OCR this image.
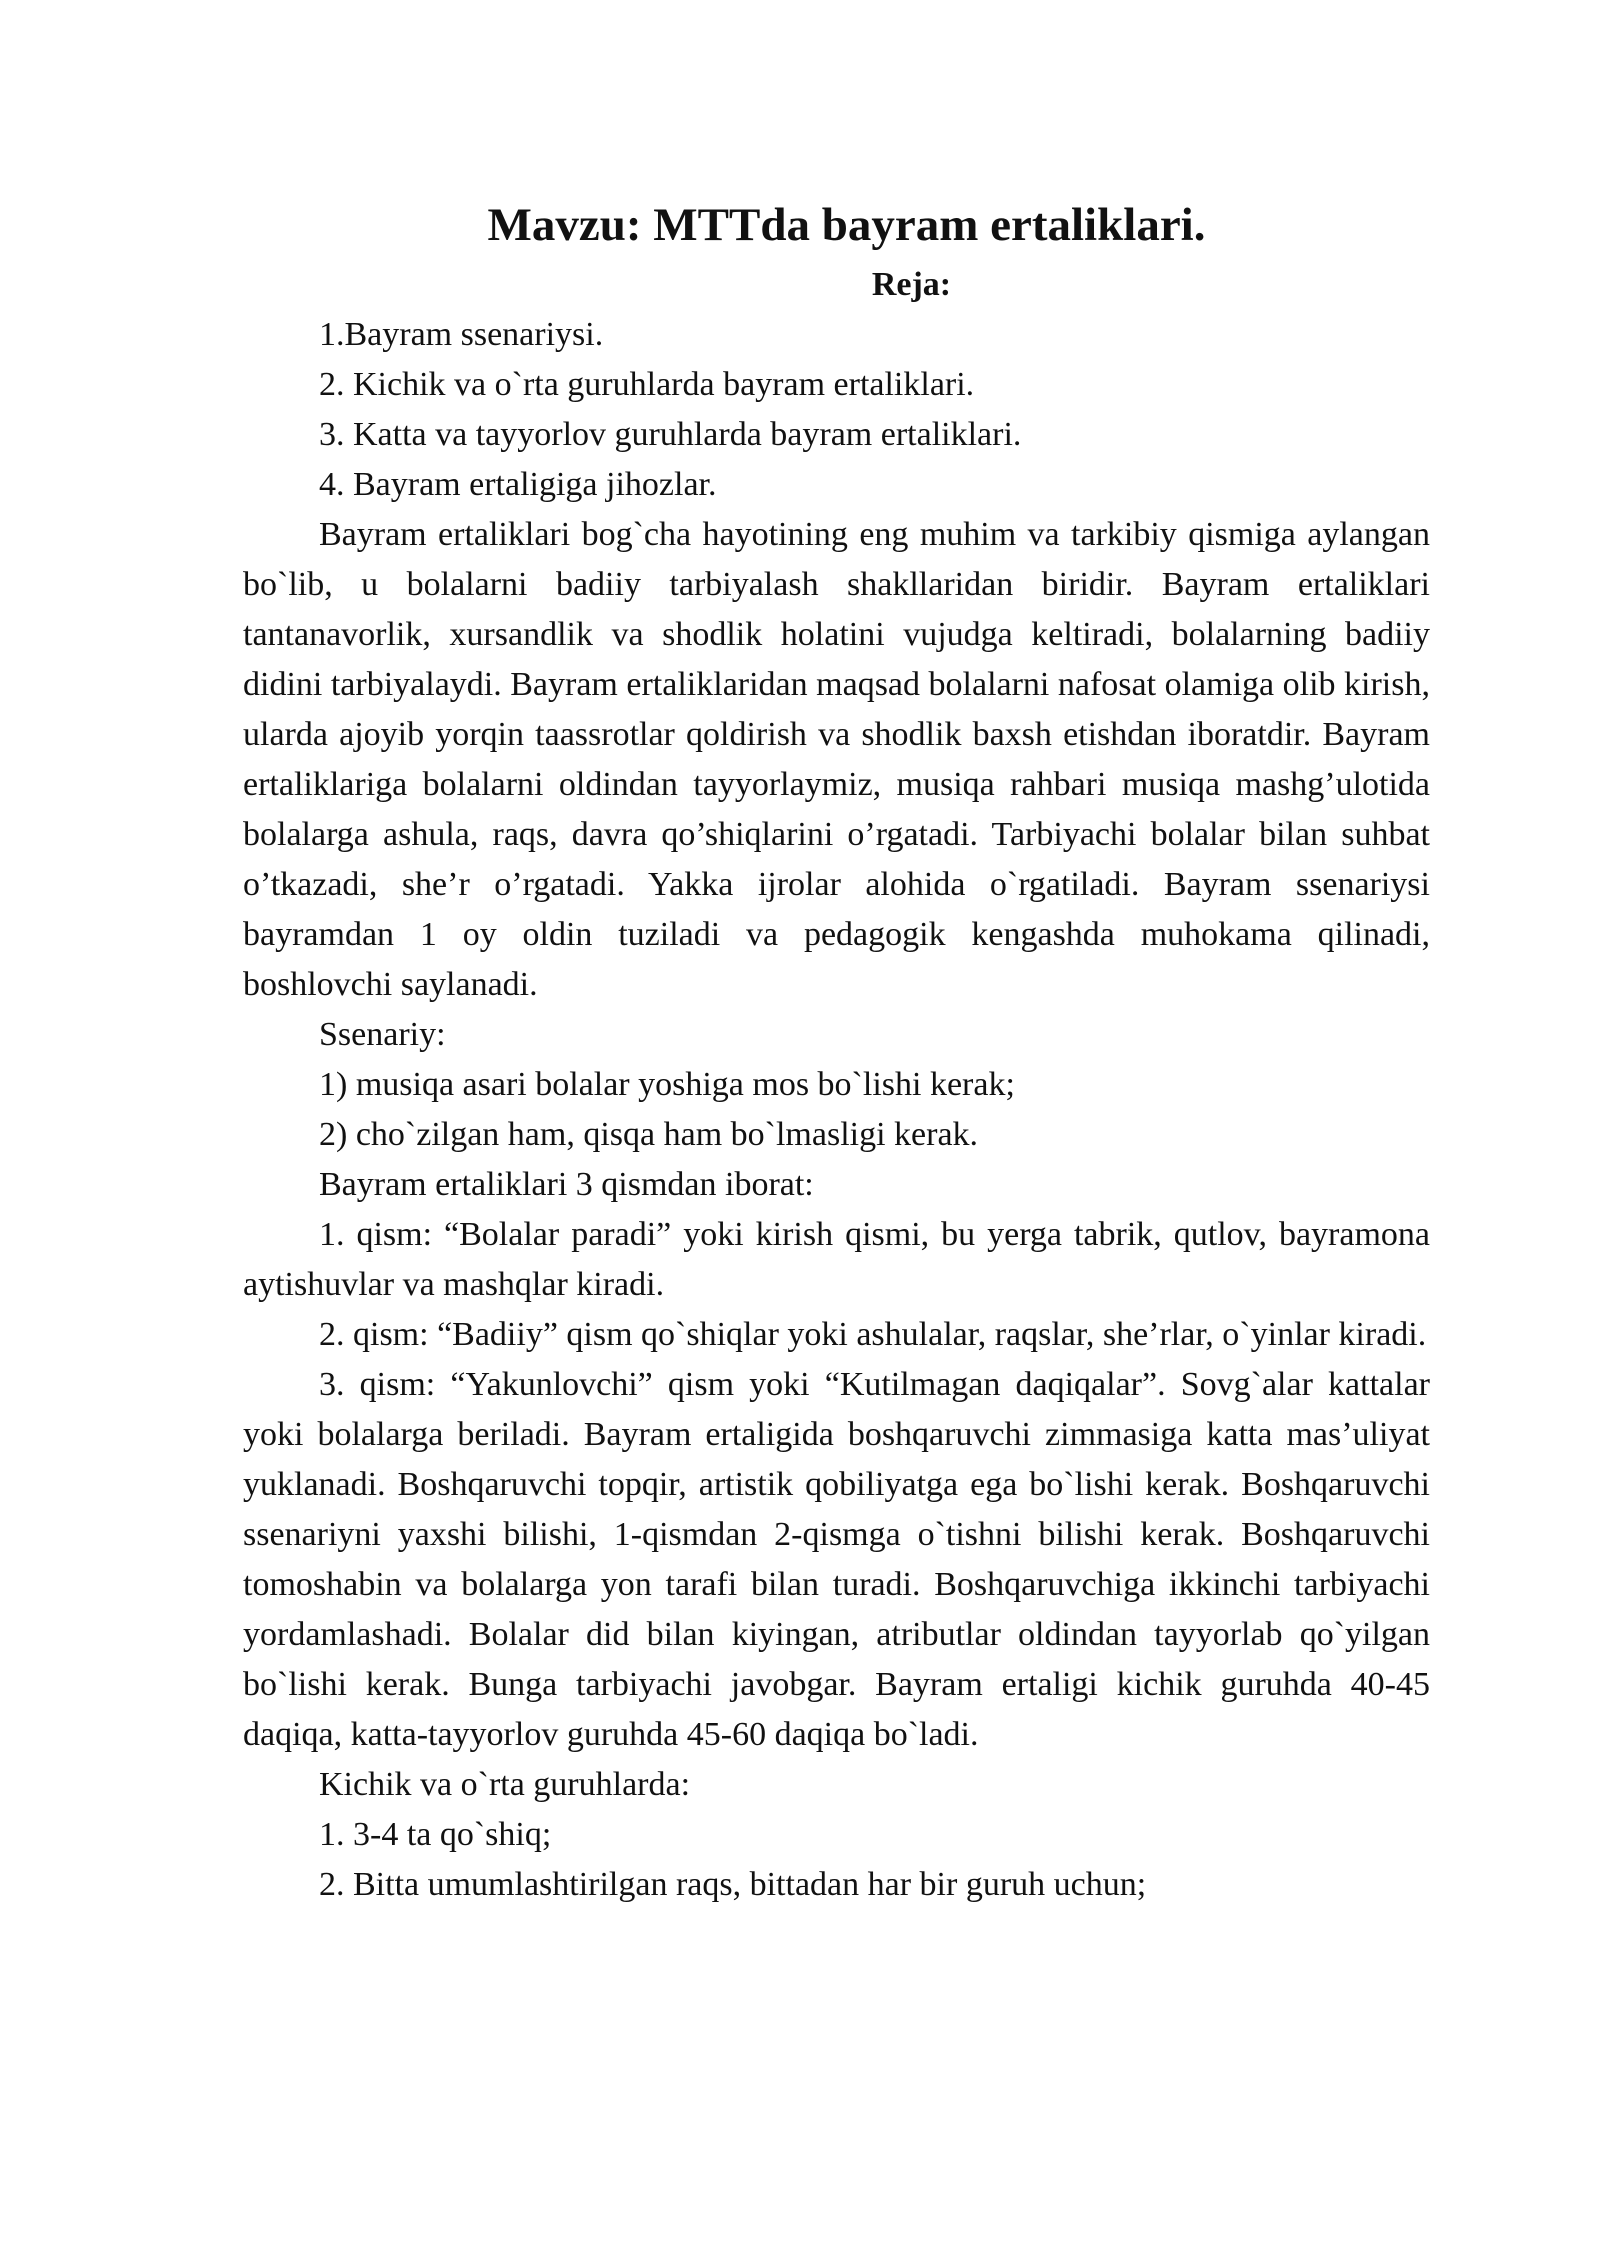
Mavzu: MTTda bayram ertaliklari.
Reja:

1.Bayram ssenariysi.

2. Kichik va o`rta guruhlarda bayram ertaliklari.

3. Katta va tayyorlov guruhlarda bayram ertaliklari.

4. Bayram ertaligiga jihozlar.

Bayram ertaliklari bog`cha hayotining eng muhim va tarkibiy qismiga aylangan bo`lib, u bolalarni badiiy tarbiyalash shakllaridan biridir. Bayram ertaliklari tantanavorlik, xursandlik va shodlik holatini vujudga keltiradi, bolalarning badiiy didini tarbiyalaydi. Bayram ertaliklaridan maqsad bolalarni nafosat olamiga olib kirish, ularda ajoyib yorqin taassrotlar qoldirish va shodlik baxsh etishdan iboratdir. Bayram ertaliklariga bolalarni oldindan tayyorlaymiz, musiqa rahbari musiqa mashg’ulotida bolalarga ashula, raqs, davra qo’shiqlarini o’rgatadi. Tarbiyachi bolalar bilan suhbat o’tkazadi, she’r o’rgatadi. Yakka ijrolar alohida o`rgatiladi. Bayram ssenariysi bayramdan 1 oy oldin tuziladi va pedagogik kengashda muhokama qilinadi, boshlovchi saylanadi.

Ssenariy:

1) musiqa asari bolalar yoshiga mos bo`lishi kerak;

2) cho`zilgan ham, qisqa ham bo`lmasligi kerak.

Bayram ertaliklari 3 qismdan iborat:

1. qism: “Bolalar paradi” yoki kirish qismi, bu yerga tabrik, qutlov, bayramona aytishuvlar va mashqlar kiradi.

2. qism: “Badiiy” qism qo`shiqlar yoki ashulalar, raqslar, she’rlar, o`yinlar kiradi.

3. qism: “Yakunlovchi” qism yoki “Kutilmagan daqiqalar”. Sovg`alar kattalar yoki bolalarga beriladi. Bayram ertaligida boshqaruvchi zimmasiga katta mas’uliyat yuklanadi. Boshqaruvchi topqir, artistik qobiliyatga ega bo`lishi kerak. Boshqaruvchi ssenariyni yaxshi bilishi, 1-qismdan 2-qismga o`tishni bilishi kerak. Boshqaruvchi tomoshabin va bolalarga yon tarafi bilan turadi. Boshqaruvchiga ikkinchi tarbiyachi yordamlashadi. Bolalar did bilan kiyingan, atributlar oldindan tayyorlab qo`yilgan bo`lishi kerak. Bunga tarbiyachi javobgar. Bayram ertaligi kichik guruhda 40-45 daqiqa, katta-tayyorlov guruhda 45-60 daqiqa bo`ladi.

Kichik va o`rta guruhlarda:

1. 3-4 ta qo`shiq;

2. Bitta umumlashtirilgan raqs, bittadan har bir guruh uchun;
